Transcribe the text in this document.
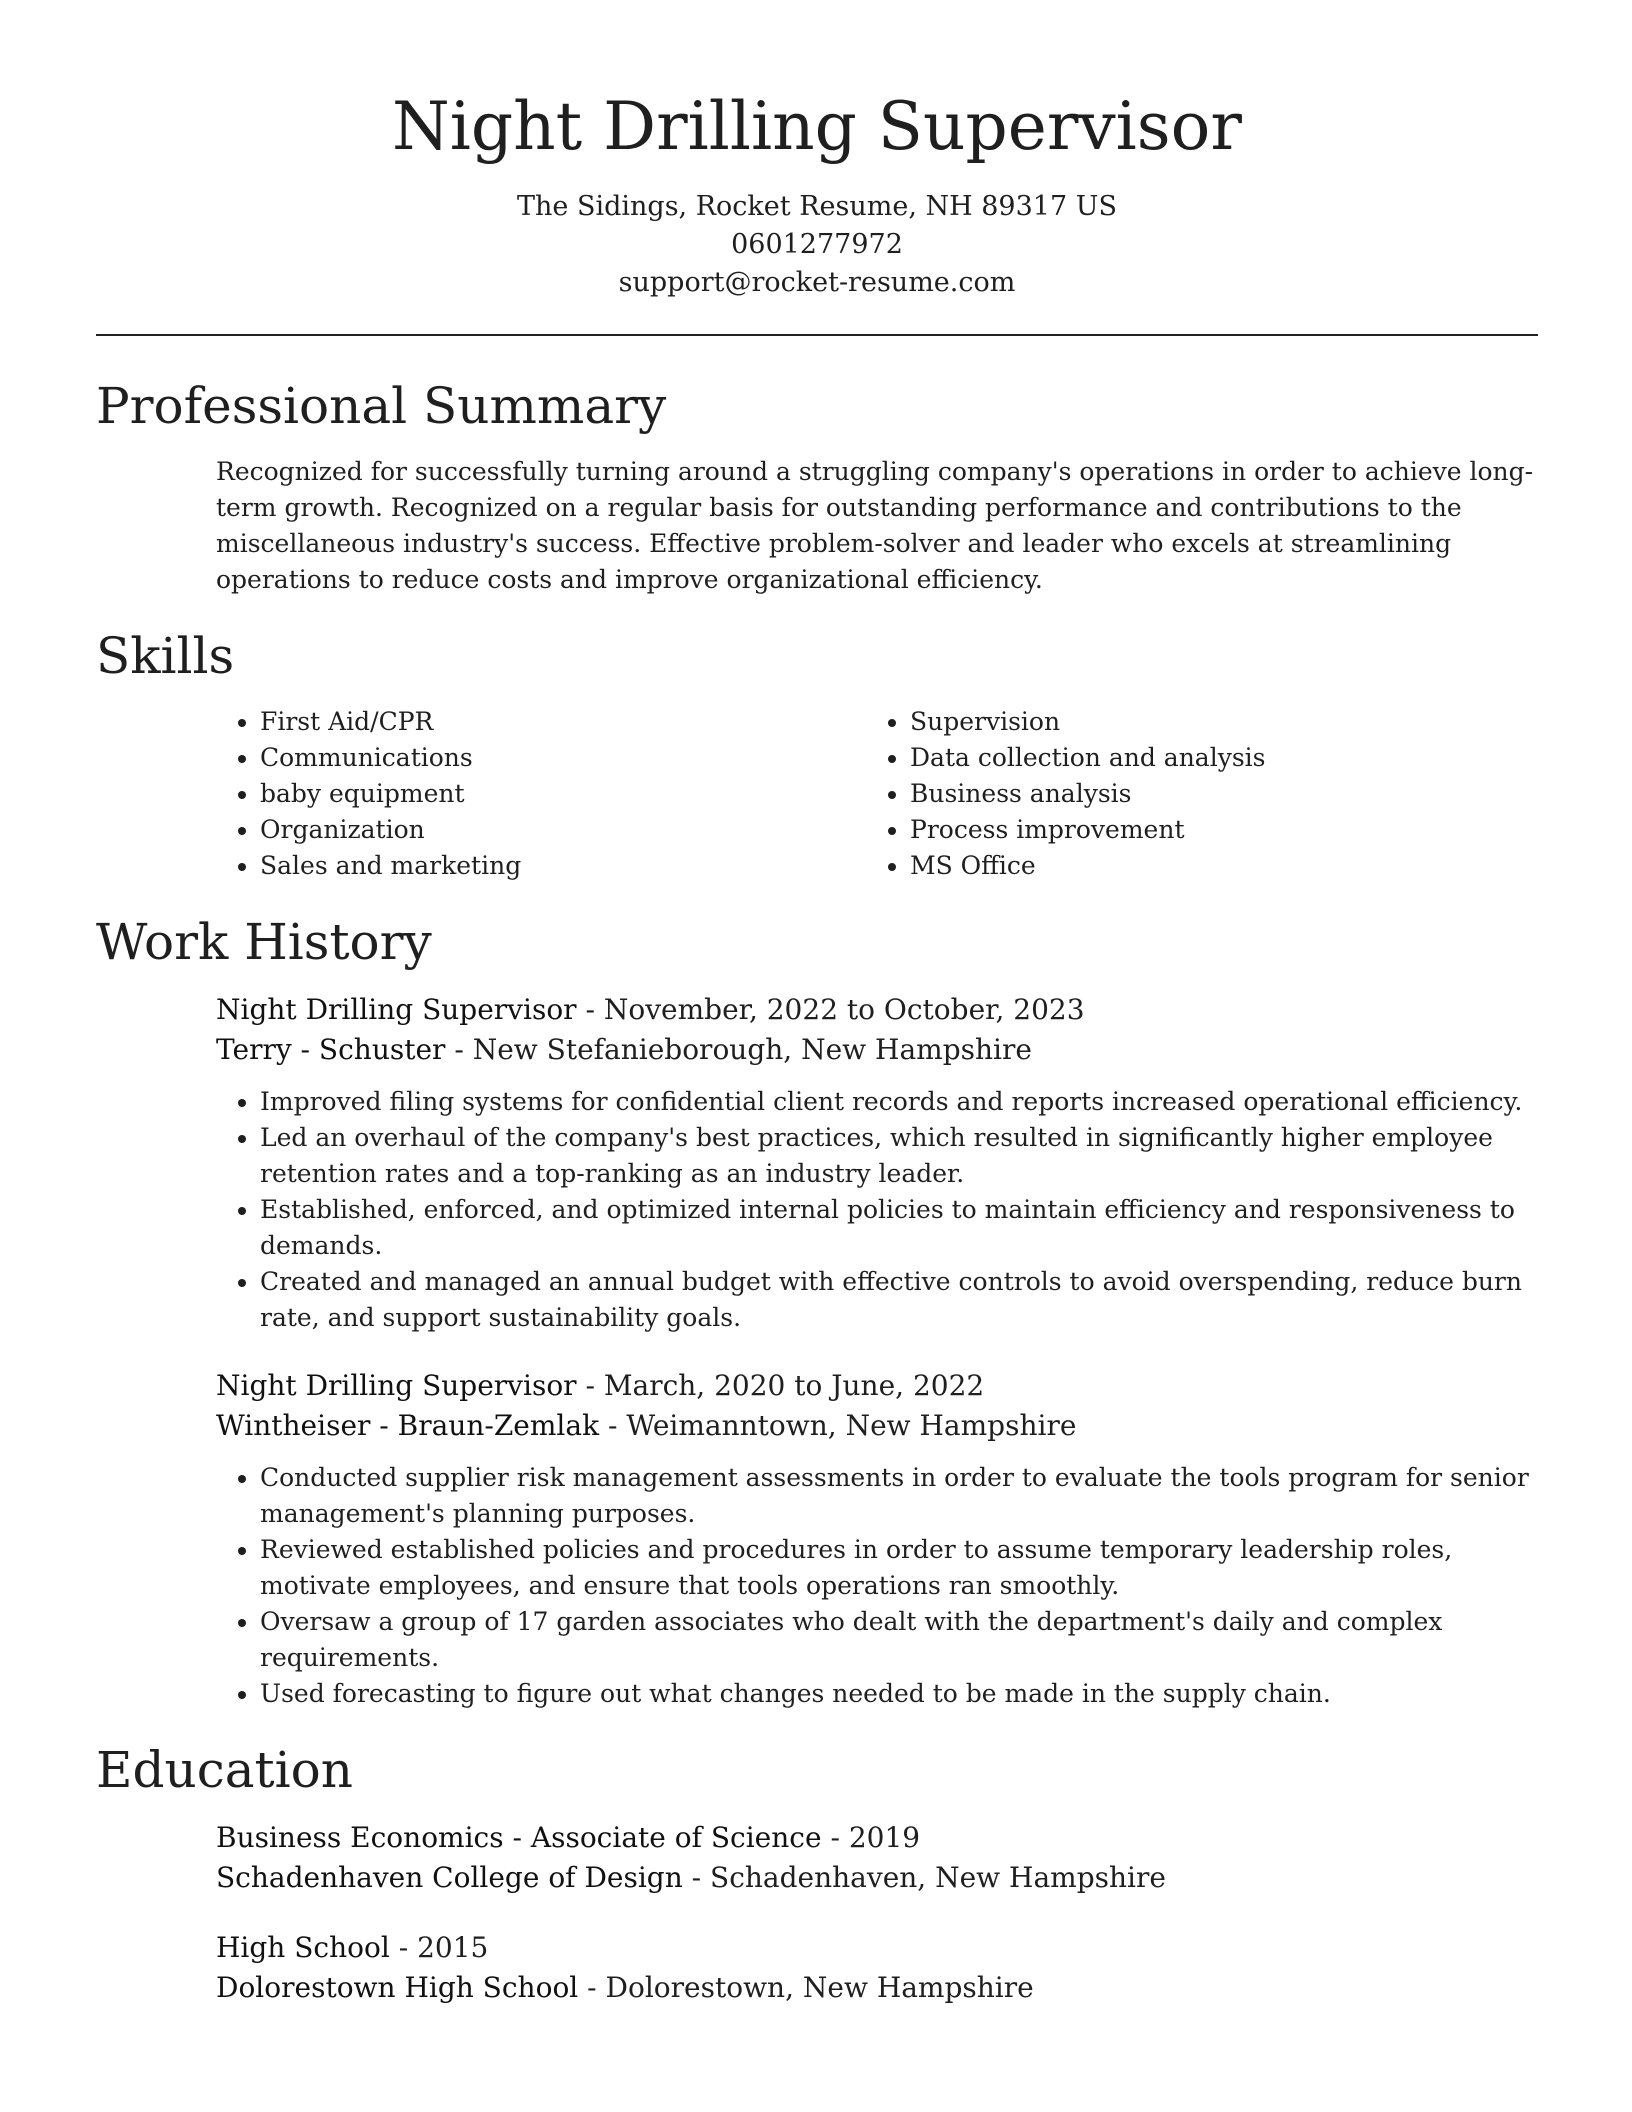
Night Drilling Supervisor
The Sidings, Rocket Resume, NH 89317 US
0601277972
support@rocket-resume.com
Professional Summary
Recognized for successfully turning around a struggling company's operations in order to achieve long-term growth. Recognized on a regular basis for outstanding performance and contributions to the miscellaneous industry's success. Effective problem-solver and leader who excels at streamlining operations to reduce costs and improve organizational efficiency.
Skills
• First Aid/CPR
• Communications
• baby equipment
• Organization
• Sales and marketing
• Supervision
• Data collection and analysis
• Business analysis
• Process improvement
• MS Office
Work History
Night Drilling Supervisor - November, 2022 to October, 2023
Terry - Schuster - New Stefanieborough, New Hampshire
• Improved filing systems for confidential client records and reports increased operational efficiency.
• Led an overhaul of the company's best practices, which resulted in significantly higher employee retention rates and a top-ranking as an industry leader.
• Established, enforced, and optimized internal policies to maintain efficiency and responsiveness to demands.
• Created and managed an annual budget with effective controls to avoid overspending, reduce burn rate, and support sustainability goals.
Night Drilling Supervisor - March, 2020 to June, 2022
Wintheiser - Braun-Zemlak - Weimanntown, New Hampshire
• Conducted supplier risk management assessments in order to evaluate the tools program for senior management's planning purposes.
• Reviewed established policies and procedures in order to assume temporary leadership roles, motivate employees, and ensure that tools operations ran smoothly.
• Oversaw a group of 17 garden associates who dealt with the department's daily and complex requirements.
• Used forecasting to figure out what changes needed to be made in the supply chain.
Education
Business Economics - Associate of Science - 2019
Schadenhaven College of Design - Schadenhaven, New Hampshire
High School - 2015
Dolorestown High School - Dolorestown, New Hampshire
